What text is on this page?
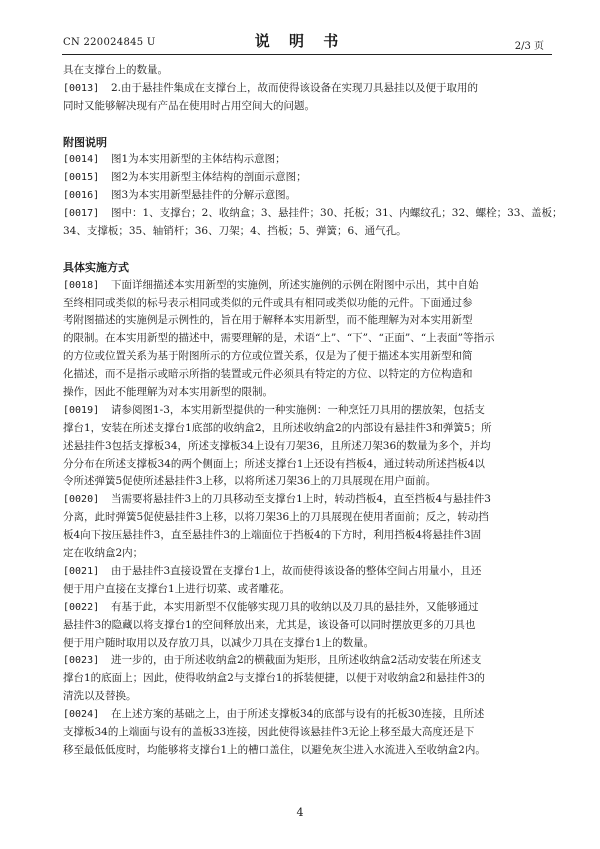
CN 220024845 U	说 明 书	2/3 页
具在支撑台上的数量。
[0013] 2.由于悬挂件集成在支撑台上，故而使得该设备在实现刀具悬挂以及便于取用的
同时又能够解决现有产品在使用时占用空间大的问题。
附图说明
[0014] 图1为本实用新型的主体结构示意图；
[0015] 图2为本实用新型主体结构的剖面示意图；
[0016] 图3为本实用新型悬挂件的分解示意图。
[0017] 图中：1、支撑台；2、收纳盒；3、悬挂件；30、托板；31、内螺纹孔；32、螺栓；33、盖板；
34、支撑板；35、轴销杆；36、刀架；4、挡板；5、弹簧；6、通气孔。
具体实施方式
[0018] 下面详细描述本实用新型的实施例，所述实施例的示例在附图中示出，其中自始
至终相同或类似的标号表示相同或类似的元件或具有相同或类似功能的元件。下面通过参
考附图描述的实施例是示例性的，旨在用于解释本实用新型，而不能理解为对本实用新型
的限制。在本实用新型的描述中，需要理解的是，术语“上”、“下”、“正面”、“上表面”等指示
的方位或位置关系为基于附图所示的方位或位置关系，仅是为了便于描述本实用新型和简
化描述，而不是指示或暗示所指的装置或元件必须具有特定的方位、以特定的方位构造和
操作，因此不能理解为对本实用新型的限制。
[0019] 请参阅图1-3，本实用新型提供的一种实施例：一种烹饪刀具用的摆放架，包括支
撑台1，安装在所述支撑台1底部的收纳盒2，且所述收纳盒2的内部设有悬挂件3和弹簧5；所
述悬挂件3包括支撑板34，所述支撑板34上设有刀架36，且所述刀架36的数量为多个，并均
分分布在所述支撑板34的两个侧面上；所述支撑台1上还设有挡板4，通过转动所述挡板4以
令所述弹簧5促使所述悬挂件3上移，以将所述刀架36上的刀具展现在用户面前。
[0020] 当需要将悬挂件3上的刀具移动至支撑台1上时，转动挡板4，直至挡板4与悬挂件3
分离，此时弹簧5促使悬挂件3上移，以将刀架36上的刀具展现在使用者面前；反之，转动挡
板4向下按压悬挂件3，直至悬挂件3的上端面位于挡板4的下方时，利用挡板4将悬挂件3固
定在收纳盒2内；
[0021] 由于悬挂件3直接设置在支撑台1上，故而使得该设备的整体空间占用量小，且还
便于用户直接在支撑台1上进行切菜、或者雕花。
[0022] 有基于此，本实用新型不仅能够实现刀具的收纳以及刀具的悬挂外，又能够通过
悬挂件3的隐藏以将支撑台1的空间释放出来，尤其是，该设备可以同时摆放更多的刀具也
便于用户随时取用以及存放刀具，以减少刀具在支撑台1上的数量。
[0023] 进一步的，由于所述收纳盒2的横截面为矩形，且所述收纳盒2活动安装在所述支
撑台1的底面上；因此，使得收纳盒2与支撑台1的拆装便捷，以便于对收纳盒2和悬挂件3的
清洗以及替换。
[0024] 在上述方案的基础之上，由于所述支撑板34的底部与设有的托板30连接，且所述
支撑板34的上端面与设有的盖板33连接，因此使得该悬挂件3无论上移至最大高度还是下
移至最低低度时，均能够将支撑台1上的槽口盖住，以避免灰尘进入水流进入至收纳盒2内。
4
